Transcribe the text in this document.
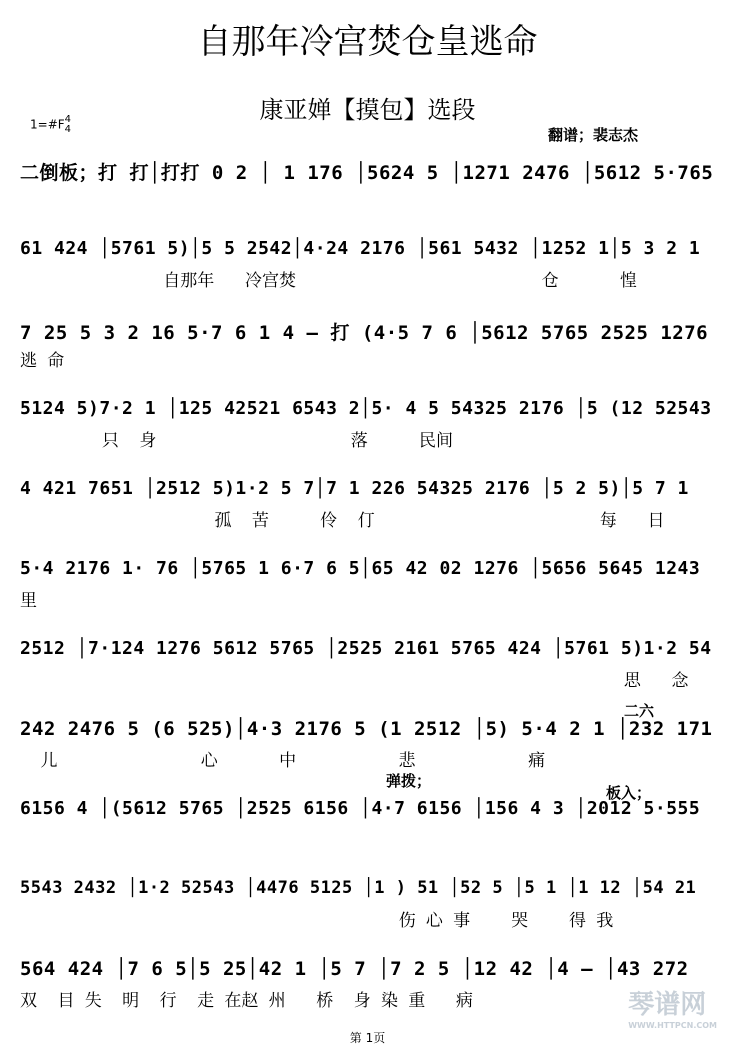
自那年冷宫焚仓皇逃命
康亚婵【摸包】选段
1=#F4
4	翻谱；裴志杰
弹拨；
板入；
二六
二倒板；打 打│打打 0 2 │ 1 176 │5624 5 │1271 2476 │5612 5·765
61 424 │5761 5)│5 5 2542│4·24 2176 │561 5432 │1252 1│5 3 2 1
自那年   冷宫焚                        仓      惶
7 25 5 3 2 16 5·7 6 1 4 — 打 (4·5 7 6 │5612 5765 2525 1276
逃 命
5124 5)7·2 1 │125 42521 6543 2│5· 4 5 54325 2176 │5 (12 52543
只  身                   落     民间
4 421 7651 │2512 5)1·2 5 7│7 1 226 54325 2176 │5 2 5)│5 7 1
孤  苦     伶  仃                      每   日
5·4 2176 1· 76 │5765 1 6·7 6 5│65 42 02 1276 │5656 5645 1243
里
2512 │7·124 1276 5612 5765 │2525 2161 5765 424 │5761 5)1·2 54
思   念
242 2476 5 (6 525)│4·3 2176 5 (1 2512 │5) 5·4 2 1 │232 171
儿              心      中          悲           痛
6156 4 │(5612 5765 │2525 6156 │4·7 6156 │156 4 3 │2012 5·555
5543 2432 │1·2 52543 │4476 5125 │1 ) 51 │52 5 │5 1 │1 12 │54 21
伤 心 事    哭    得 我
564 424 │7 6 5│5 25│42 1 │5 7 │7 2 5 │12 42 │4 — │43 272
双  目 失  明  行  走 在赵 州   桥  身 染 重   病
第 1页
琴谱网
WWW.HTTPCN.COM
